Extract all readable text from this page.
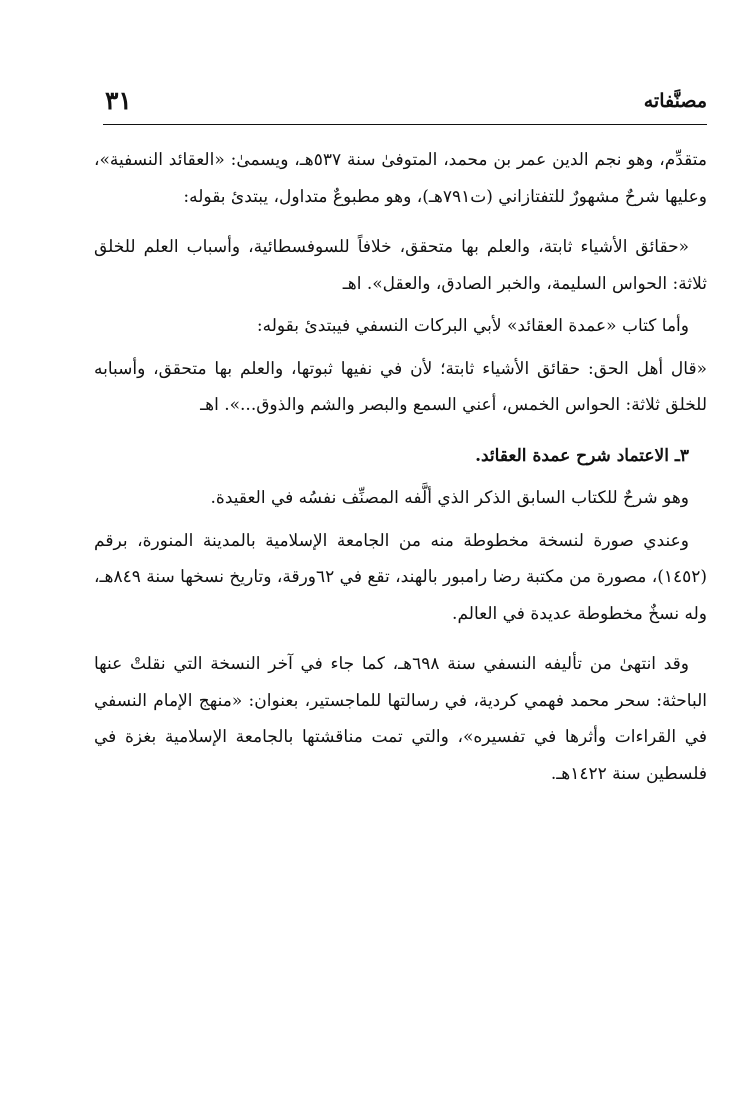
مصنَّفاته
٣١

متقدِّم، وهو نجم الدين عمر بن محمد، المتوفىٰ سنة ٥٣٧هـ، ويسمىٰ: «العقائد النسفية»، وعليها شرحٌ مشهورٌ للتفتازاني (ت٧٩١هـ)، وهو مطبوعٌ متداول، يبتدئ بقوله:

«حقائق الأشياء ثابتة، والعلم بها متحقق، خلافاً للسوفسطائية، وأسباب العلم للخلق ثلاثة: الحواس السليمة، والخبر الصادق، والعقل». اهـ

وأما كتاب «عمدة العقائد» لأبي البركات النسفي فيبتدئ بقوله:

«قال أهل الحق: حقائق الأشياء ثابتة؛ لأن في نفيها ثبوتها، والعلم بها متحقق، وأسبابه للخلق ثلاثة: الحواس الخمس، أعني السمع والبصر والشم والذوق...». اهـ

٣ـ الاعتماد شرح عمدة العقائد.

وهو شرحٌ للكتاب السابق الذكر الذي ألَّفه المصنِّف نفسُه في العقيدة.

وعندي صورة لنسخة مخطوطة منه من الجامعة الإسلامية بالمدينة المنورة، برقم (١٤٥٢)، مصورة من مكتبة رضا رامبور بالهند، تقع في ٦٢ورقة، وتاريخ نسخها سنة ٨٤٩هـ، وله نسخٌ مخطوطة عديدة في العالم.

وقد انتهىٰ من تأليفه النسفي سنة ٦٩٨هـ، كما جاء في آخر النسخة التي نقلتْ عنها الباحثة: سحر محمد فهمي كردية، في رسالتها للماجستير، بعنوان: «منهج الإمام النسفي في القراءات وأثرها في تفسيره»، والتي تمت مناقشتها بالجامعة الإسلامية بغزة في فلسطين سنة ١٤٢٢هـ.
